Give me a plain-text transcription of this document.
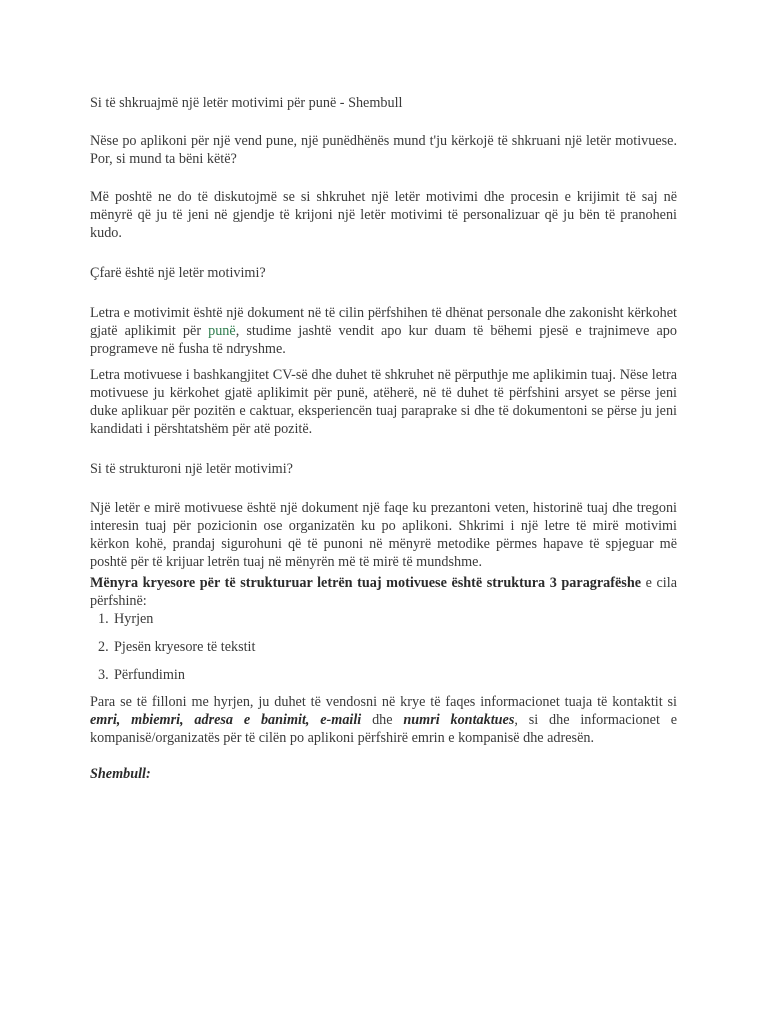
Si të shkruajmë një letër motivimi për punë - Shembull

Nëse po aplikoni për një vend pune, një punëdhënës mund t'ju kërkojë të shkruani një letër motivuese. Por, si mund ta bëni këtë?

Më poshtë ne do të diskutojmë se si shkruhet një letër motivimi dhe procesin e krijimit të saj në mënyrë që ju të jeni në gjendje të krijoni një letër motivimi të personalizuar që ju bën të pranoheni kudo.

Çfarë është një letër motivimi?

Letra e motivimit është një dokument në të cilin përfshihen të dhënat personale dhe zakonisht kërkohet gjatë aplikimit për punë, studime jashtë vendit apo kur duam të bëhemi pjesë e trajnimeve apo programeve në fusha të ndryshme.

Letra motivuese i bashkangjitet CV-së dhe duhet të shkruhet në përputhje me aplikimin tuaj. Nëse letra motivuese ju kërkohet gjatë aplikimit për punë, atëherë, në të duhet të përfshini arsyet se përse jeni duke aplikuar për pozitën e caktuar, eksperiencën tuaj paraprake si dhe të dokumentoni se përse ju jeni kandidati i përshtatshëm për atë pozitë.

Si të strukturoni një letër motivimi?

Një letër e mirë motivuese është një dokument një faqe ku prezantoni veten, historinë tuaj dhe tregoni interesin tuaj për pozicionin ose organizatën ku po aplikoni. Shkrimi i një letre të mirë motivimi kërkon kohë, prandaj sigurohuni që të punoni në mënyrë metodike përmes hapave të spjeguar më poshtë për të krijuar letrën tuaj në mënyrën më të mirë të mundshme.

Mënyra kryesore për të strukturuar letrën tuaj motivuese është struktura 3 paragrafëshe e cila përfshinë:

1. Hyrjen
2. Pjesën kryesore të tekstit
3. Përfundimin

Para se të filloni me hyrjen, ju duhet të vendosni në krye të faqes informacionet tuaja të kontaktit si emri, mbiemri, adresa e banimit, e-maili dhe numri kontaktues, si dhe informacionet e kompanisë/organizatës për të cilën po aplikoni përfshirë emrin e kompanisë dhe adresën.

Shembull:
